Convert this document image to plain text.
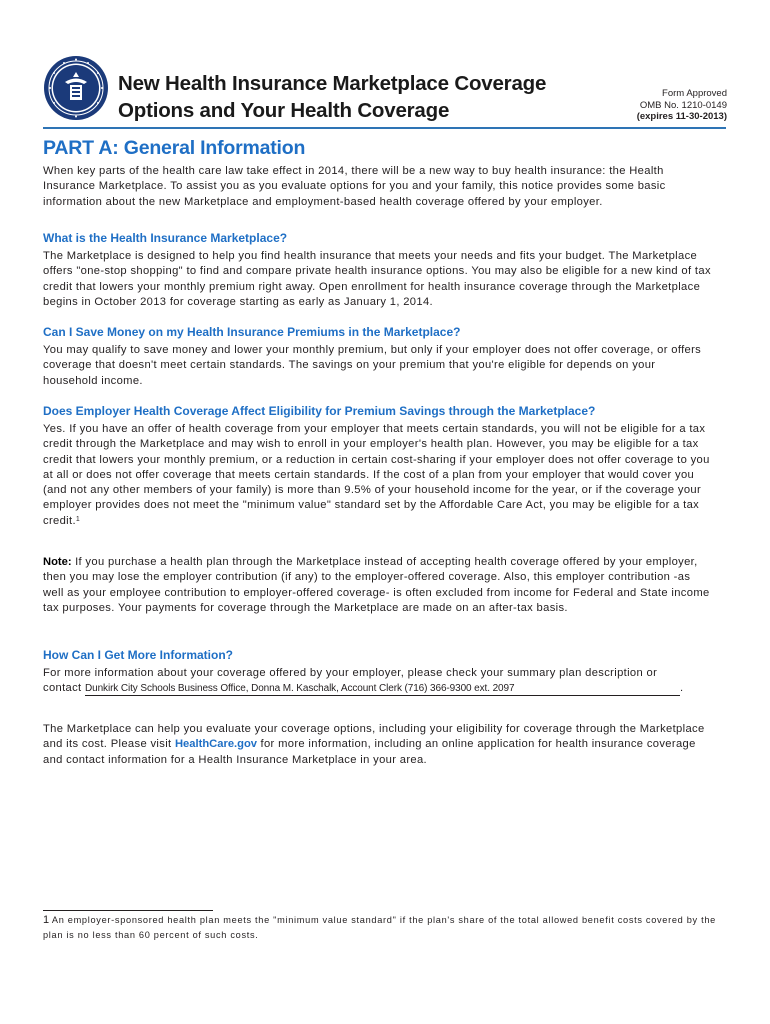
New Health Insurance Marketplace Coverage
Options and Your Health Coverage
Form Approved
OMB No. 1210-0149
(expires 11-30-2013)
PART A: General Information
When key parts of the health care law take effect in 2014, there will be a new way to buy health insurance: the Health Insurance Marketplace. To assist you as you evaluate options for you and your family, this notice provides some basic information about the new Marketplace and employment-based health coverage offered by your employer.
What is the Health Insurance Marketplace?
The Marketplace is designed to help you find health insurance that meets your needs and fits your budget. The Marketplace offers "one-stop shopping" to find and compare private health insurance options. You may also be eligible for a new kind of tax credit that lowers your monthly premium right away. Open enrollment for health insurance coverage through the Marketplace begins in October 2013 for coverage starting as early as January 1, 2014.
Can I Save Money on my Health Insurance Premiums in the Marketplace?
You may qualify to save money and lower your monthly premium, but only if your employer does not offer coverage, or offers coverage that doesn't meet certain standards. The savings on your premium that you're eligible for depends on your household income.
Does Employer Health Coverage Affect Eligibility for Premium Savings through the Marketplace?
Yes. If you have an offer of health coverage from your employer that meets certain standards, you will not be eligible for a tax credit through the Marketplace and may wish to enroll in your employer's health plan. However, you may be eligible for a tax credit that lowers your monthly premium, or a reduction in certain cost-sharing if your employer does not offer coverage to you at all or does not offer coverage that meets certain standards. If the cost of a plan from your employer that would cover you (and not any other members of your family) is more than 9.5% of your household income for the year, or if the coverage your employer provides does not meet the "minimum value" standard set by the Affordable Care Act, you may be eligible for a tax credit.$^1$
Note: If you purchase a health plan through the Marketplace instead of accepting health coverage offered by your employer, then you may lose the employer contribution (if any) to the employer-offered coverage. Also, this employer contribution -as well as your employee contribution to employer-offered coverage- is often excluded from income for Federal and State income tax purposes. Your payments for coverage through the Marketplace are made on an after-tax basis.
How Can I Get More Information?
For more information about your coverage offered by your employer, please check your summary plan description or
contact Dunkirk City Schools Business Office, Donna M. Kaschalk, Account Clerk (716) 366-9300 ext. 2097	.
The Marketplace can help you evaluate your coverage options, including your eligibility for coverage through the Marketplace and its cost. Please visit HealthCare.gov for more information, including an online application for health insurance coverage and contact information for a Health Insurance Marketplace in your area.
1 An employer-sponsored health plan meets the "minimum value standard" if the plan's share of the total allowed benefit costs covered by the plan is no less than 60 percent of such costs.
